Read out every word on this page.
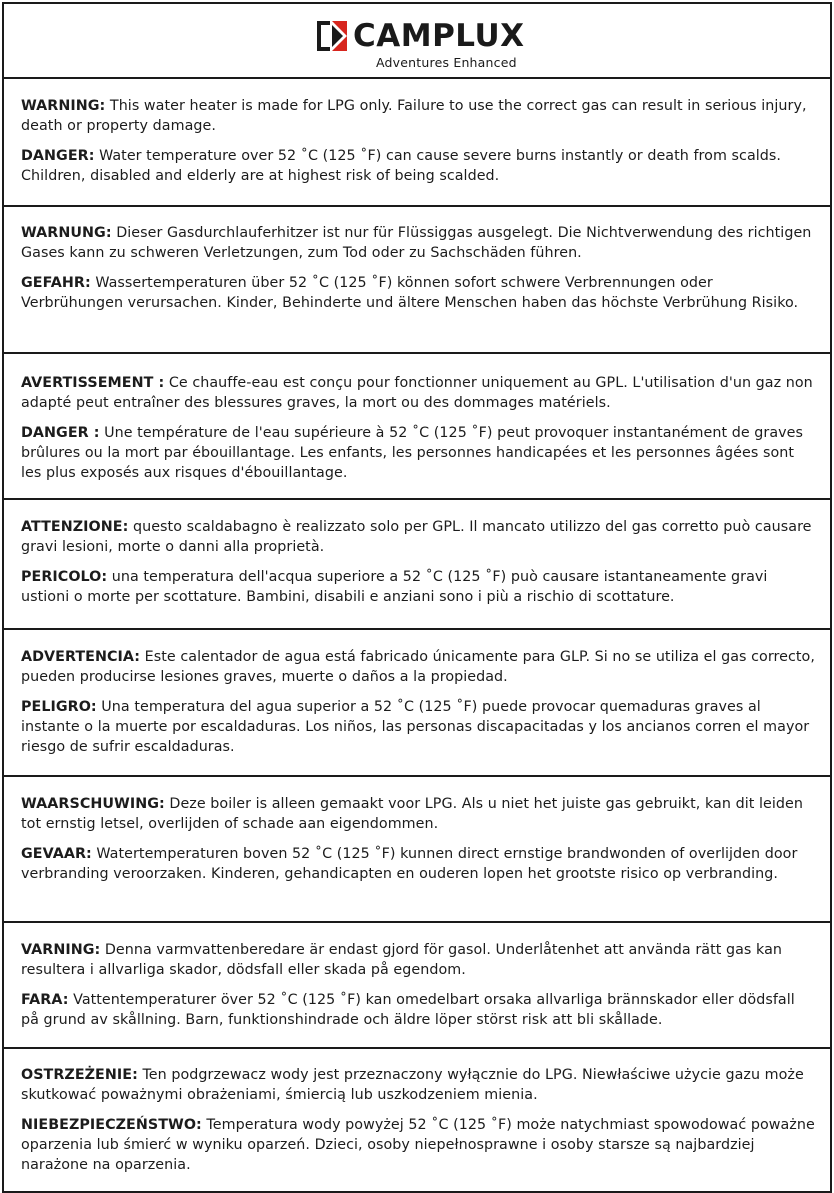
CAMPLUX
Adventures Enhanced

WARNING: This water heater is made for LPG only. Failure to use the correct gas can result in serious injury, death or property damage.

DANGER: Water temperature over 52 ˚C (125 ˚F) can cause severe burns instantly or death from scalds. Children, disabled and elderly are at highest risk of being scalded.

WARNUNG: Dieser Gasdurchlauferhitzer ist nur für Flüssiggas ausgelegt. Die Nichtverwendung des richtigen Gases kann zu schweren Verletzungen, zum Tod oder zu Sachschäden führen.

GEFAHR: Wassertemperaturen über 52 ˚C (125 ˚F) können sofort schwere Verbrennungen oder Verbrühungen verursachen. Kinder, Behinderte und ältere Menschen haben das höchste Verbrühung Risiko.

AVERTISSEMENT : Ce chauffe-eau est conçu pour fonctionner uniquement au GPL. L'utilisation d'un gaz non adapté peut entraîner des blessures graves, la mort ou des dommages matériels.

DANGER : Une température de l'eau supérieure à 52 ˚C (125 ˚F) peut provoquer instantanément de graves brûlures ou la mort par ébouillantage. Les enfants, les personnes handicapées et les personnes âgées sont les plus exposés aux risques d'ébouillantage.

ATTENZIONE: questo scaldabagno è realizzato solo per GPL. Il mancato utilizzo del gas corretto può causare gravi lesioni, morte o danni alla proprietà.

PERICOLO: una temperatura dell'acqua superiore a 52 ˚C (125 ˚F) può causare istantaneamente gravi ustioni o morte per scottature. Bambini, disabili e anziani sono i più a rischio di scottature.

ADVERTENCIA: Este calentador de agua está fabricado únicamente para GLP. Si no se utiliza el gas correcto, pueden producirse lesiones graves, muerte o daños a la propiedad.

PELIGRO: Una temperatura del agua superior a 52 ˚C (125 ˚F) puede provocar quemaduras graves al instante o la muerte por escaldaduras. Los niños, las personas discapacitadas y los ancianos corren el mayor riesgo de sufrir escaldaduras.

WAARSCHUWING: Deze boiler is alleen gemaakt voor LPG. Als u niet het juiste gas gebruikt, kan dit leiden tot ernstig letsel, overlijden of schade aan eigendommen.

GEVAAR: Watertemperaturen boven 52 ˚C (125 ˚F) kunnen direct ernstige brandwonden of overlijden door verbranding veroorzaken. Kinderen, gehandicapten en ouderen lopen het grootste risico op verbranding.

VARNING: Denna varmvattenberedare är endast gjord för gasol. Underlåtenhet att använda rätt gas kan resultera i allvarliga skador, dödsfall eller skada på egendom.

FARA: Vattentemperaturer över 52 ˚C (125 ˚F) kan omedelbart orsaka allvarliga brännskador eller dödsfall på grund av skållning. Barn, funktionshindrade och äldre löper störst risk att bli skållade.

OSTRZEŻENIE: Ten podgrzewacz wody jest przeznaczony wyłącznie do LPG. Niewłaściwe użycie gazu może skutkować poważnymi obrażeniami, śmiercią lub uszkodzeniem mienia.

NIEBEZPIECZEŃSTWO: Temperatura wody powyżej 52 ˚C (125 ˚F) może natychmiast spowodować poważne oparzenia lub śmierć w wyniku oparzeń. Dzieci, osoby niepełnosprawne i osoby starsze są najbardziej narażone na oparzenia.
